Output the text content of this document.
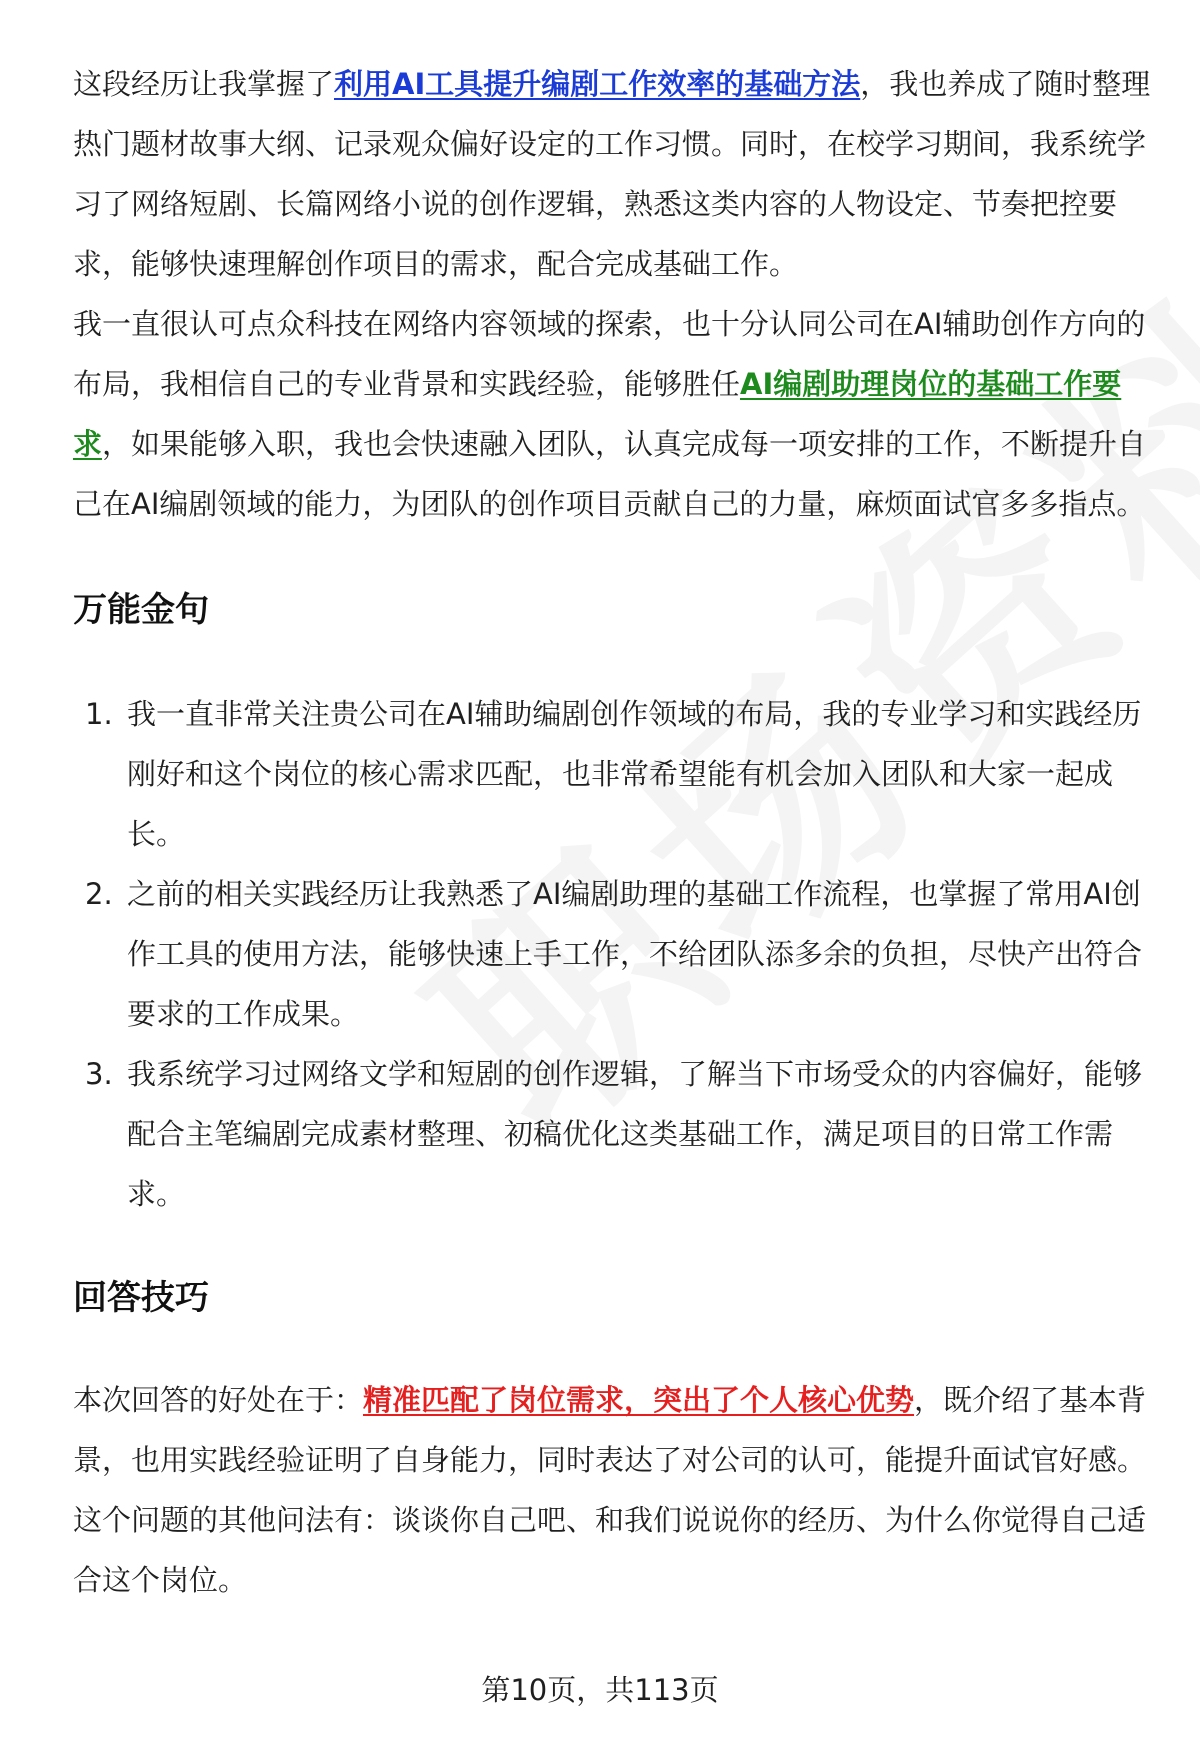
这段经历让我掌握了利用AI工具提升编剧工作效率的基础方法，我也养成了随时整理热门题材故事大纲、记录观众偏好设定的工作习惯。同时，在校学习期间，我系统学习了网络短剧、长篇网络小说的创作逻辑，熟悉这类内容的人物设定、节奏把控要求，能够快速理解创作项目的需求，配合完成基础工作。

我一直很认可点众科技在网络内容领域的探索，也十分认同公司在AI辅助创作方向的布局，我相信自己的专业背景和实践经验，能够胜任AI编剧助理岗位的基础工作要求，如果能够入职，我也会快速融入团队，认真完成每一项安排的工作，不断提升自己在AI编剧领域的能力，为团队的创作项目贡献自己的力量，麻烦面试官多多指点。

万能金句
1. 我一直非常关注贵公司在AI辅助编剧创作领域的布局，我的专业学习和实践经历刚好和这个岗位的核心需求匹配，也非常希望能有机会加入团队和大家一起成长。
2. 之前的相关实践经历让我熟悉了AI编剧助理的基础工作流程，也掌握了常用AI创作工具的使用方法，能够快速上手工作，不给团队添多余的负担，尽快产出符合要求的工作成果。
3. 我系统学习过网络文学和短剧的创作逻辑，了解当下市场受众的内容偏好，能够配合主笔编剧完成素材整理、初稿优化这类基础工作，满足项目的日常工作需求。
回答技巧

本次回答的好处在于：精准匹配了岗位需求，突出了个人核心优势，既介绍了基本背景，也用实践经验证明了自身能力，同时表达了对公司的认可，能提升面试官好感。这个问题的其他问法有：谈谈你自己吧、和我们说说你的经历、为什么你觉得自己适合这个岗位。

第10页，共113页
